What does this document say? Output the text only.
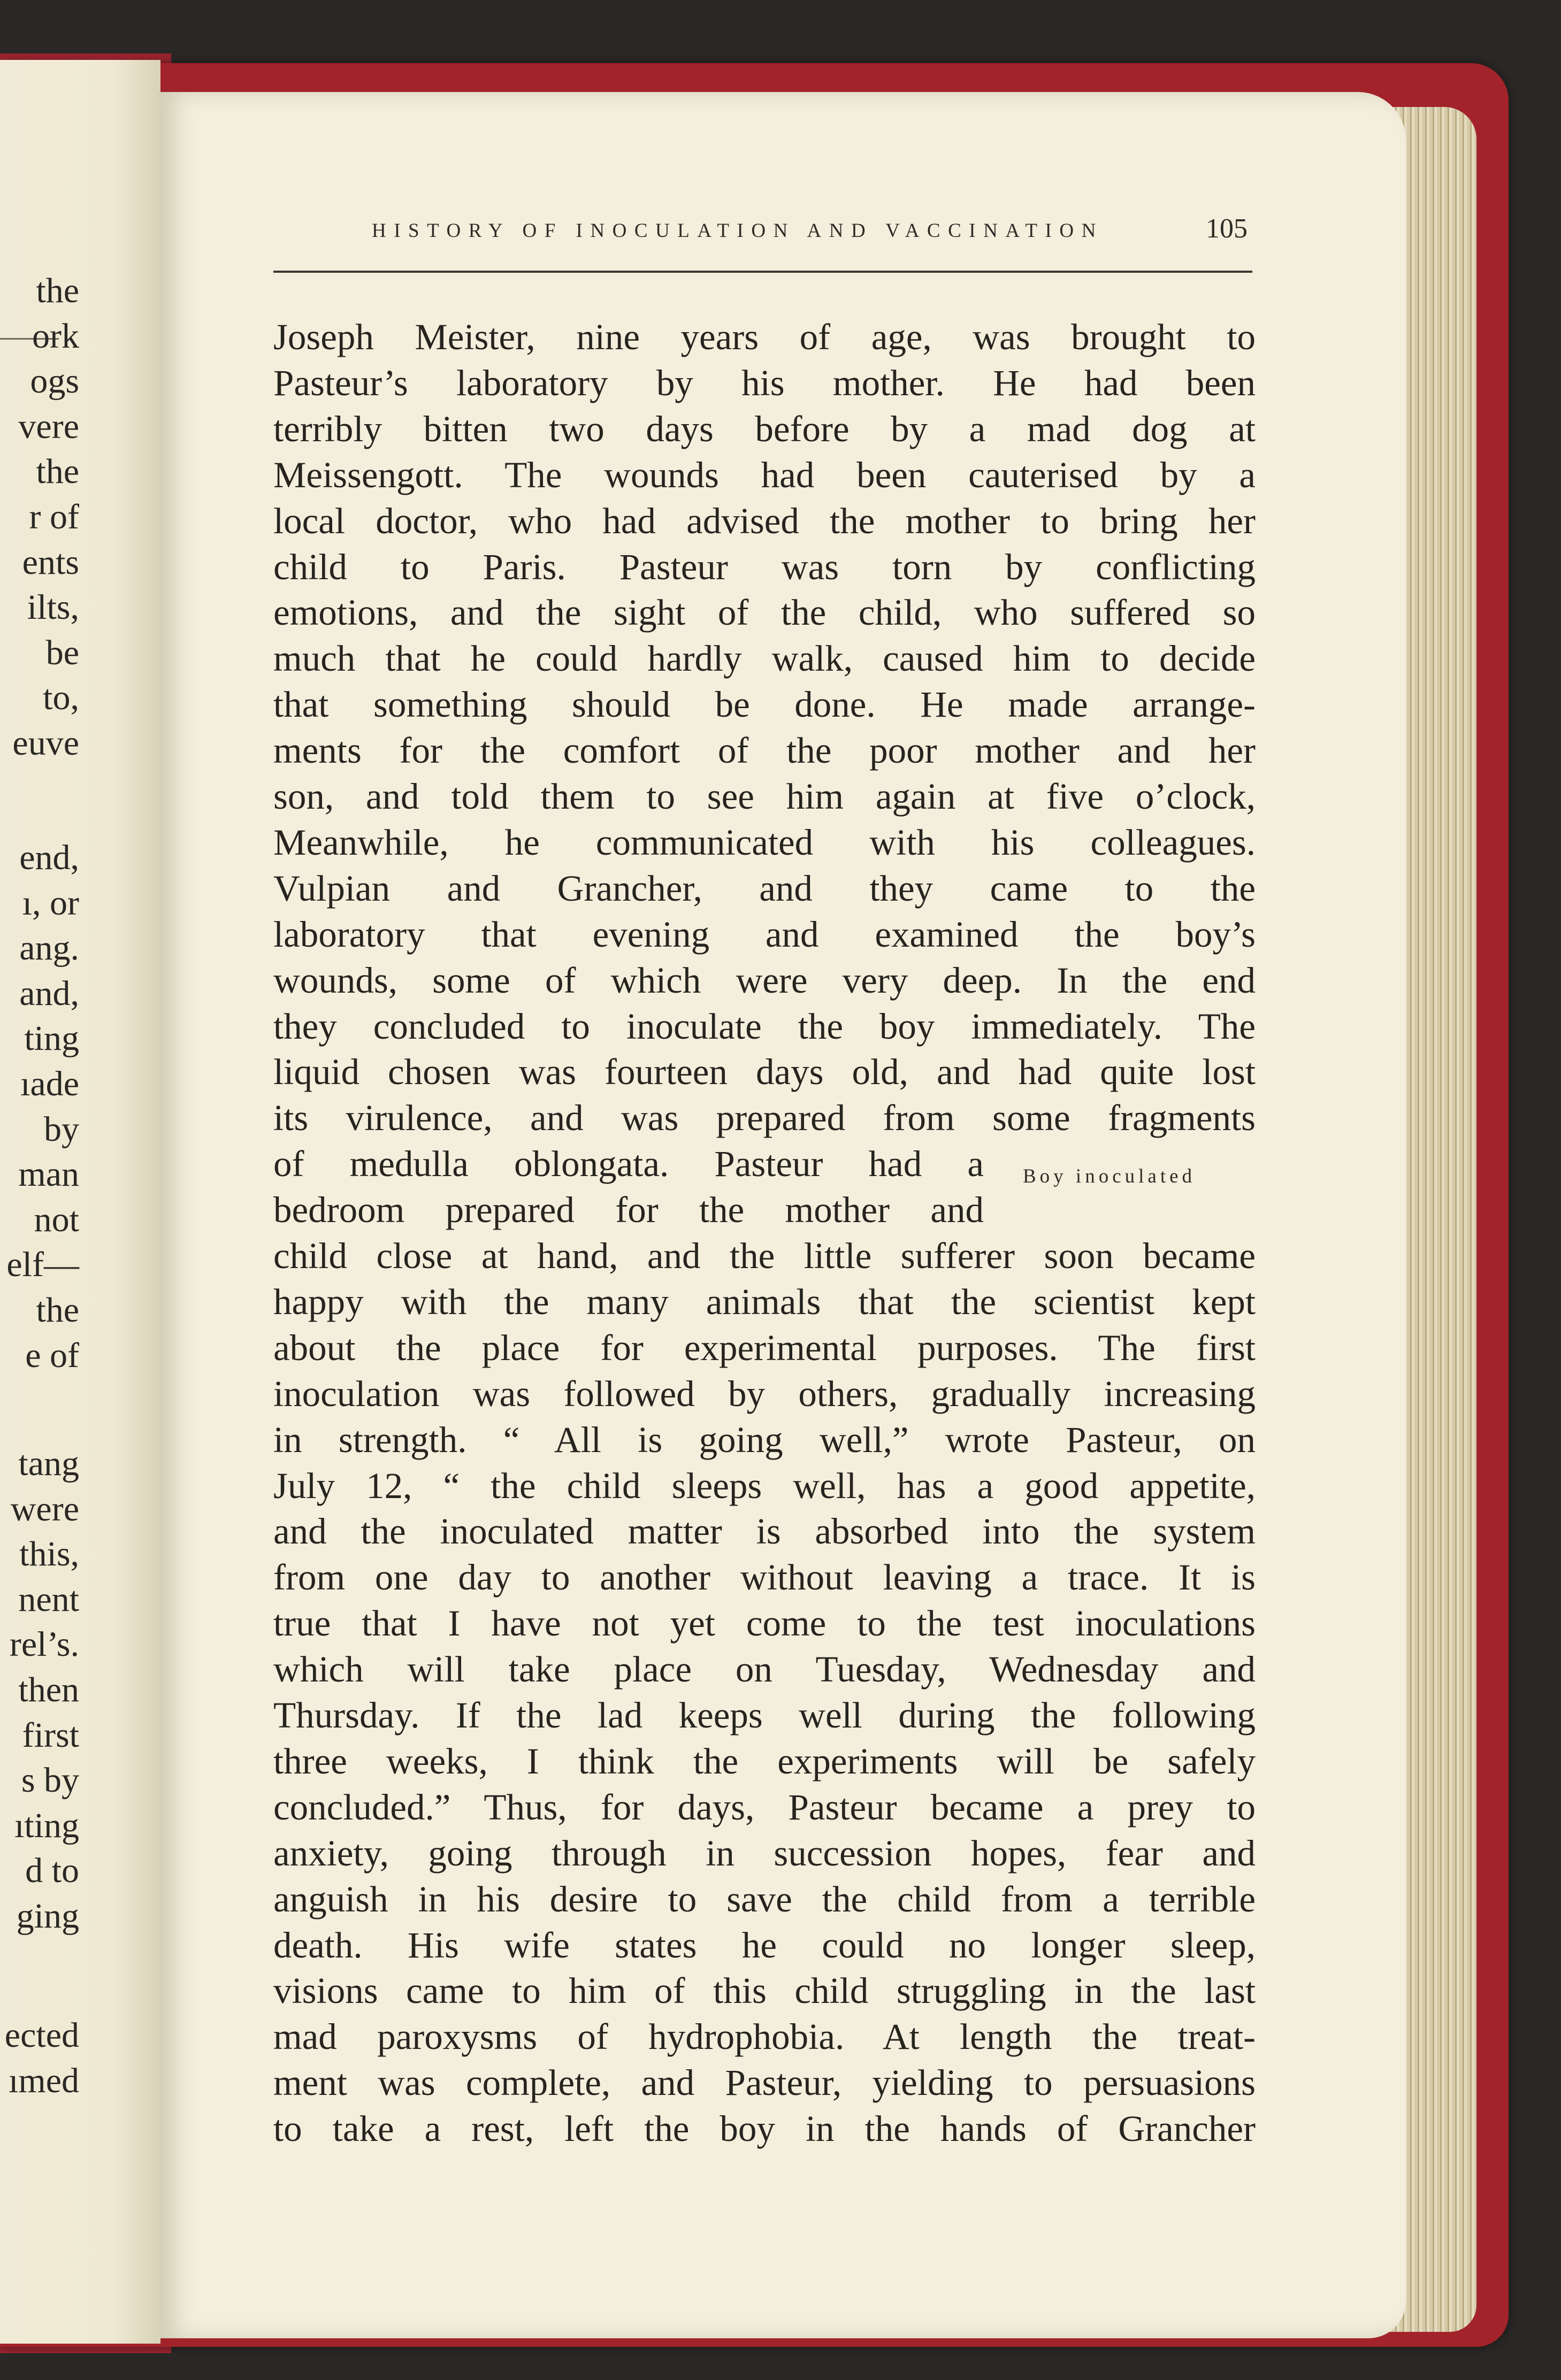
the
ork
ogs
vere
the
r of
ents
ilts,
be
to,
euve
end,
ı, or
ang.
and,
ting
ıade
by
man
not
elf—
the
e of
tang
were
this,
nent
rel’s.
then
first
s by
ıting
d to
ging
ected
ımed
HISTORY OF INOCULATION AND VACCINATION	105
Joseph Meister, nine years of age, was brought to
Pasteur’s laboratory by his mother. He had been
terribly bitten two days before by a mad dog at
Meissengott. The wounds had been cauterised by a
local doctor, who had advised the mother to bring her
child to Paris. Pasteur was torn by conflicting
emotions, and the sight of the child, who suffered so
much that he could hardly walk, caused him to decide
that something should be done. He made arrange-
ments for the comfort of the poor mother and her
son, and told them to see him again at five o’clock,
Meanwhile, he communicated with his colleagues.
Vulpian and Grancher, and they came to the
laboratory that evening and examined the boy’s
wounds, some of which were very deep. In the end
they concluded to inoculate the boy immediately. The
liquid chosen was fourteen days old, and had quite lost
its virulence, and was prepared from some fragments
of medulla oblongata. Pasteur had a
bedroom prepared for the mother and
child close at hand, and the little sufferer soon became
happy with the many animals that the scientist kept
about the place for experimental purposes. The first
inoculation was followed by others, gradually increasing
in strength. “ All is going well,” wrote Pasteur, on
July 12, “ the child sleeps well, has a good appetite,
and the inoculated matter is absorbed into the system
from one day to another without leaving a trace. It is
true that I have not yet come to the test inoculations
which will take place on Tuesday, Wednesday and
Thursday. If the lad keeps well during the following
three weeks, I think the experiments will be safely
concluded.” Thus, for days, Pasteur became a prey to
anxiety, going through in succession hopes, fear and
anguish in his desire to save the child from a terrible
death. His wife states he could no longer sleep,
visions came to him of this child struggling in the last
mad paroxysms of hydrophobia. At length the treat-
ment was complete, and Pasteur, yielding to persuasions
to take a rest, left the boy in the hands of Grancher
Boy inoculated
